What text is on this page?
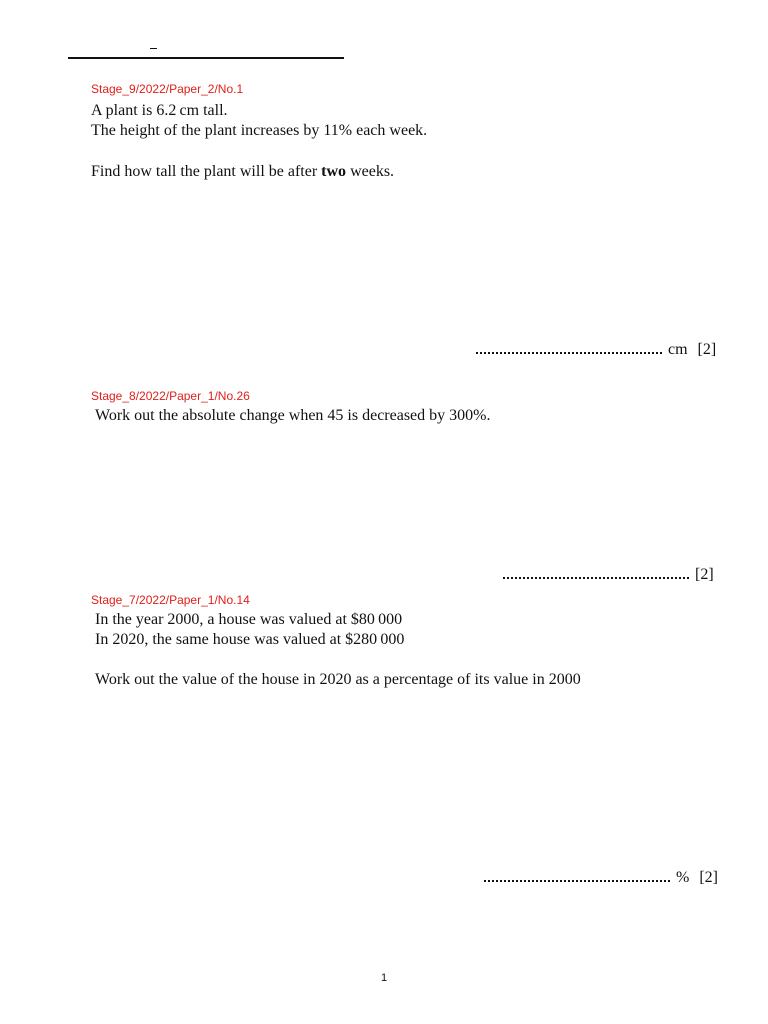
Stage_9/2022/Paper_2/No.1
A plant is 6.2 cm tall.
The height of the plant increases by 11% each week.
Find how tall the plant will be after two weeks.
cm [2]
Stage_8/2022/Paper_1/No.26
Work out the absolute change when 45 is decreased by 300%.
[2]
Stage_7/2022/Paper_1/No.14
In the year 2000, a house was valued at $80 000
In 2020, the same house was valued at $280 000
Work out the value of the house in 2020 as a percentage of its value in 2000
% [2]
1
